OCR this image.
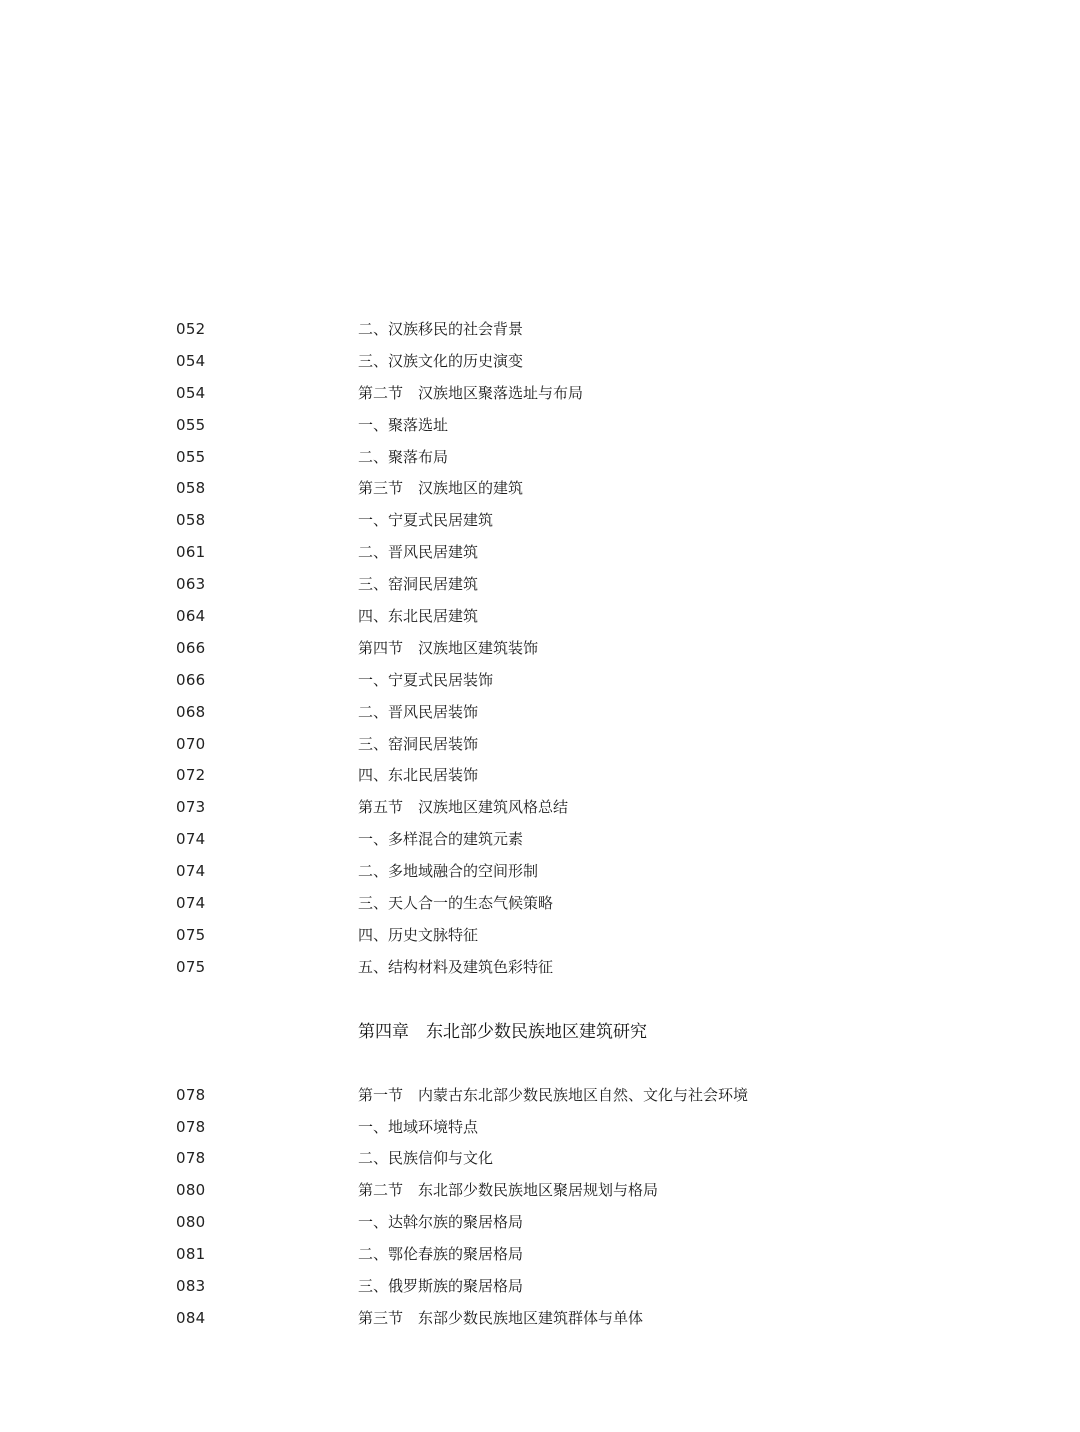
052	二、汉族移民的社会背景
054	三、汉族文化的历史演变
054	第二节　汉族地区聚落选址与布局
055	一、聚落选址
055	二、聚落布局
058	第三节　汉族地区的建筑
058	一、宁夏式民居建筑
061	二、晋风民居建筑
063	三、窑洞民居建筑
064	四、东北民居建筑
066	第四节　汉族地区建筑装饰
066	一、宁夏式民居装饰
068	二、晋风民居装饰
070	三、窑洞民居装饰
072	四、东北民居装饰
073	第五节　汉族地区建筑风格总结
074	一、多样混合的建筑元素
074	二、多地域融合的空间形制
074	三、天人合一的生态气候策略
075	四、历史文脉特征
075	五、结构材料及建筑色彩特征
第四章　东北部少数民族地区建筑研究
078	第一节　内蒙古东北部少数民族地区自然、文化与社会环境
078	一、地域环境特点
078	二、民族信仰与文化
080	第二节　东北部少数民族地区聚居规划与格局
080	一、达斡尔族的聚居格局
081	二、鄂伦春族的聚居格局
083	三、俄罗斯族的聚居格局
084	第三节　东部少数民族地区建筑群体与单体
